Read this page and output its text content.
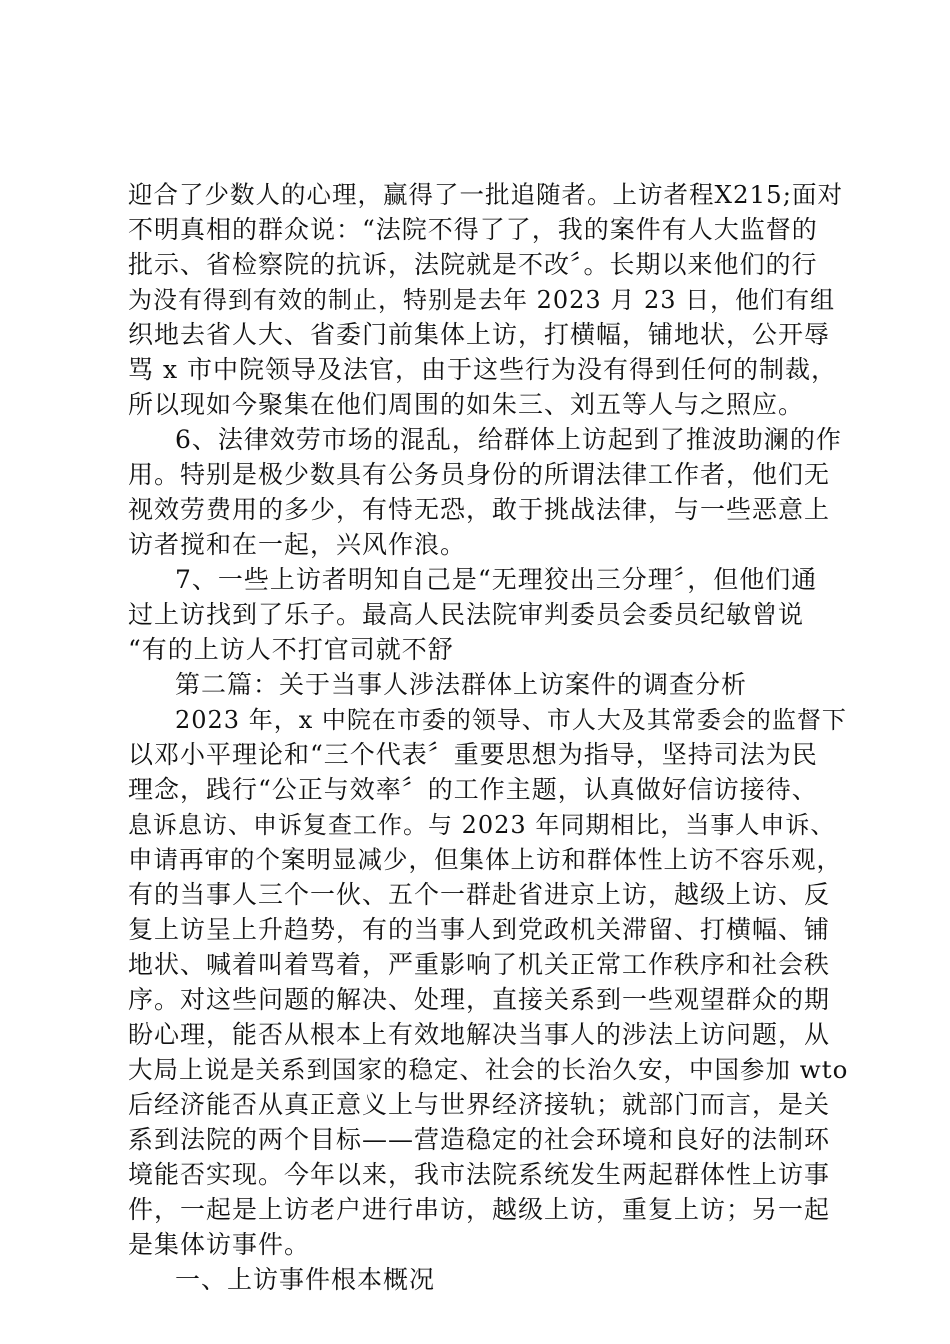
迎合了少数人的心理，赢得了一批追随者。上访者程X215;面对
不明真相的群众说：“法院不得了了，我的案件有人大监督的
批示、省检察院的抗诉，法院就是不改〞。长期以来他们的行
为没有得到有效的制止，特别是去年 2023 月 23 日，他们有组
织地去省人大、省委门前集体上访，打横幅，铺地状，公开辱
骂 x 市中院领导及法官，由于这些行为没有得到任何的制裁，
所以现如今聚集在他们周围的如朱三、刘五等人与之照应。
6、法律效劳市场的混乱，给群体上访起到了推波助澜的作
用。特别是极少数具有公务员身份的所谓法律工作者，他们无
视效劳费用的多少，有恃无恐，敢于挑战法律，与一些恶意上
访者搅和在一起，兴风作浪。
7、一些上访者明知自己是“无理狡出三分理〞，但他们通
过上访找到了乐子。最高人民法院审判委员会委员纪敏曾说
“有的上访人不打官司就不舒
第二篇：关于当事人涉法群体上访案件的调查分析
2023 年，x 中院在市委的领导、市人大及其常委会的监督下
以邓小平理论和“三个代表〞重要思想为指导，坚持司法为民
理念，践行“公正与效率〞的工作主题，认真做好信访接待、
息诉息访、申诉复查工作。与 2023 年同期相比，当事人申诉、
申请再审的个案明显减少，但集体上访和群体性上访不容乐观，
有的当事人三个一伙、五个一群赴省进京上访，越级上访、反
复上访呈上升趋势，有的当事人到党政机关滞留、打横幅、铺
地状、喊着叫着骂着，严重影响了机关正常工作秩序和社会秩
序。对这些问题的解决、处理，直接关系到一些观望群众的期
盼心理，能否从根本上有效地解决当事人的涉法上访问题，从
大局上说是关系到国家的稳定、社会的长治久安，中国参加 wto
后经济能否从真正意义上与世界经济接轨；就部门而言，是关
系到法院的两个目标——营造稳定的社会环境和良好的法制环
境能否实现。今年以来，我市法院系统发生两起群体性上访事
件，一起是上访老户进行串访，越级上访，重复上访；另一起
是集体访事件。
一、上访事件根本概况
